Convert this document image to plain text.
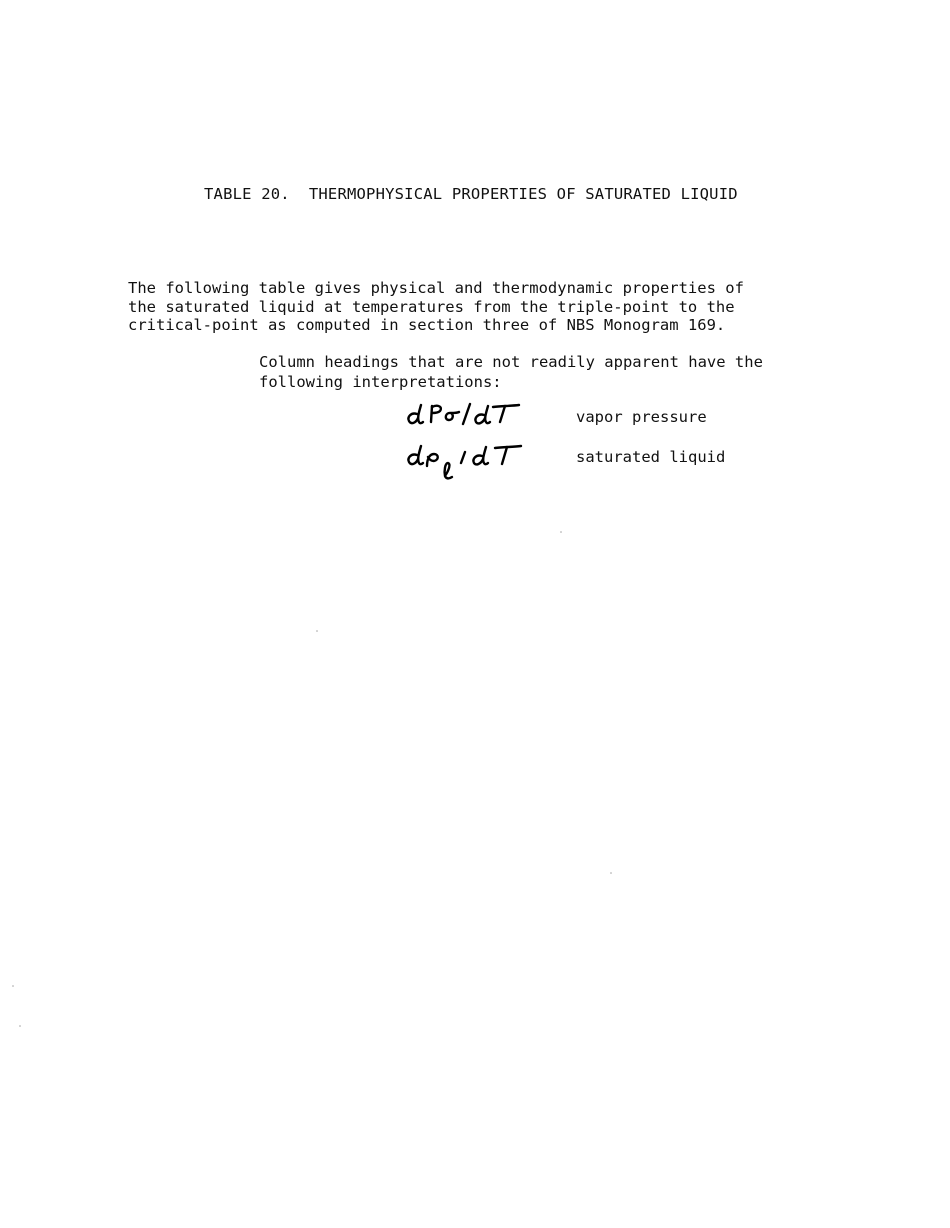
TABLE 20.  THERMOPHYSICAL PROPERTIES OF SATURATED LIQUID
The following table gives physical and thermodynamic properties of
the saturated liquid at temperatures from the triple-point to the
critical-point as computed in section three of NBS Monogram 169.
Column headings that are not readily apparent have the
following interpretations:
vapor pressure
saturated liquid
